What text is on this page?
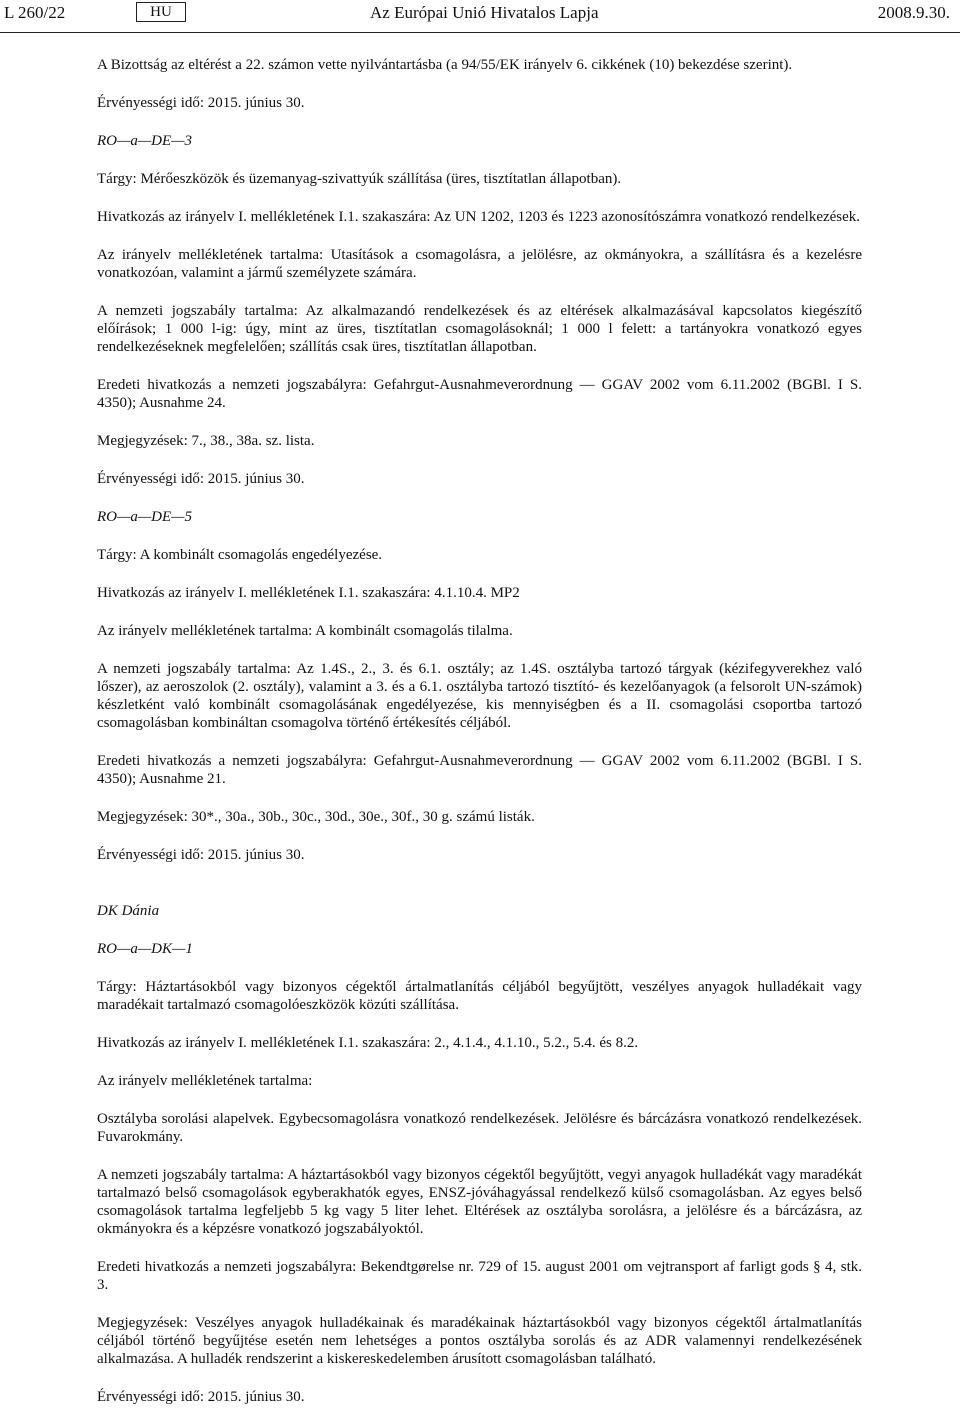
L 260/22	HU	Az Európai Unió Hivatalos Lapja	2008.9.30.

A Bizottság az eltérést a 22. számon vette nyilvántartásba (a 94/55/EK irányelv 6. cikkének (10) bekezdése szerint).

Érvényességi idő: 2015. június 30.

RO—a—DE—3

Tárgy: Mérőeszközök és üzemanyag-szivattyúk szállítása (üres, tisztítatlan állapotban).

Hivatkozás az irányelv I. mellékletének I.1. szakaszára: Az UN 1202, 1203 és 1223 azonosítószámra vonatkozó rendelkezések.

Az irányelv mellékletének tartalma: Utasítások a csomagolásra, a jelölésre, az okmányokra, a szállításra és a kezelésre vonatkozóan, valamint a jármű személyzete számára.

A nemzeti jogszabály tartalma: Az alkalmazandó rendelkezések és az eltérések alkalmazásával kapcsolatos kiegészítő előírások; 1 000 l-ig: úgy, mint az üres, tisztítatlan csomagolásoknál; 1 000 l felett: a tartányokra vonatkozó egyes rendelkezéseknek megfelelően; szállítás csak üres, tisztítatlan állapotban.

Eredeti hivatkozás a nemzeti jogszabályra: Gefahrgut-Ausnahmeverordnung — GGAV 2002 vom 6.11.2002 (BGBl. I S. 4350); Ausnahme 24.

Megjegyzések: 7., 38., 38a. sz. lista.

Érvényességi idő: 2015. június 30.

RO—a—DE—5

Tárgy: A kombinált csomagolás engedélyezése.

Hivatkozás az irányelv I. mellékletének I.1. szakaszára: 4.1.10.4. MP2

Az irányelv mellékletének tartalma: A kombinált csomagolás tilalma.

A nemzeti jogszabály tartalma: Az 1.4S., 2., 3. és 6.1. osztály; az 1.4S. osztályba tartozó tárgyak (kézifegyverekhez való lőszer), az aeroszolok (2. osztály), valamint a 3. és a 6.1. osztályba tartozó tisztító- és kezelőanyagok (a felsorolt UN-számok) készletként való kombinált csomagolásának engedélyezése, kis mennyiségben és a II. csomagolási csoportba tartozó csomagolásban kombináltan csomagolva történő értékesítés céljából.

Eredeti hivatkozás a nemzeti jogszabályra: Gefahrgut-Ausnahmeverordnung — GGAV 2002 vom 6.11.2002 (BGBl. I S. 4350); Ausnahme 21.

Megjegyzések: 30*., 30a., 30b., 30c., 30d., 30e., 30f., 30 g. számú listák.

Érvényességi idő: 2015. június 30.

DK Dánia

RO—a—DK—1

Tárgy: Háztartásokból vagy bizonyos cégektől ártalmatlanítás céljából begyűjtött, veszélyes anyagok hulladékait vagy maradékait tartalmazó csomagolóeszközök közúti szállítása.

Hivatkozás az irányelv I. mellékletének I.1. szakaszára: 2., 4.1.4., 4.1.10., 5.2., 5.4. és 8.2.

Az irányelv mellékletének tartalma:

Osztályba sorolási alapelvek. Egybecsomagolásra vonatkozó rendelkezések. Jelölésre és bárcázásra vonatkozó rendelkezések. Fuvarokmány.

A nemzeti jogszabály tartalma: A háztartásokból vagy bizonyos cégektől begyűjtött, vegyi anyagok hulladékát vagy maradékát tartalmazó belső csomagolások egyberakhatók egyes, ENSZ-jóváhagyással rendelkező külső csomagolásban. Az egyes belső csomagolások tartalma legfeljebb 5 kg vagy 5 liter lehet. Eltérések az osztályba sorolásra, a jelölésre és a bárcázásra, az okmányokra és a képzésre vonatkozó jogszabályoktól.

Eredeti hivatkozás a nemzeti jogszabályra: Bekendtgørelse nr. 729 of 15. august 2001 om vejtransport af farligt gods § 4, stk. 3.

Megjegyzések: Veszélyes anyagok hulladékainak és maradékainak háztartásokból vagy bizonyos cégektől ártalmatlanítás céljából történő begyűjtése esetén nem lehetséges a pontos osztályba sorolás és az ADR valamennyi rendelkezésének alkalmazása. A hulladék rendszerint a kiskereskedelemben árusított csomagolásban található.

Érvényességi idő: 2015. június 30.
